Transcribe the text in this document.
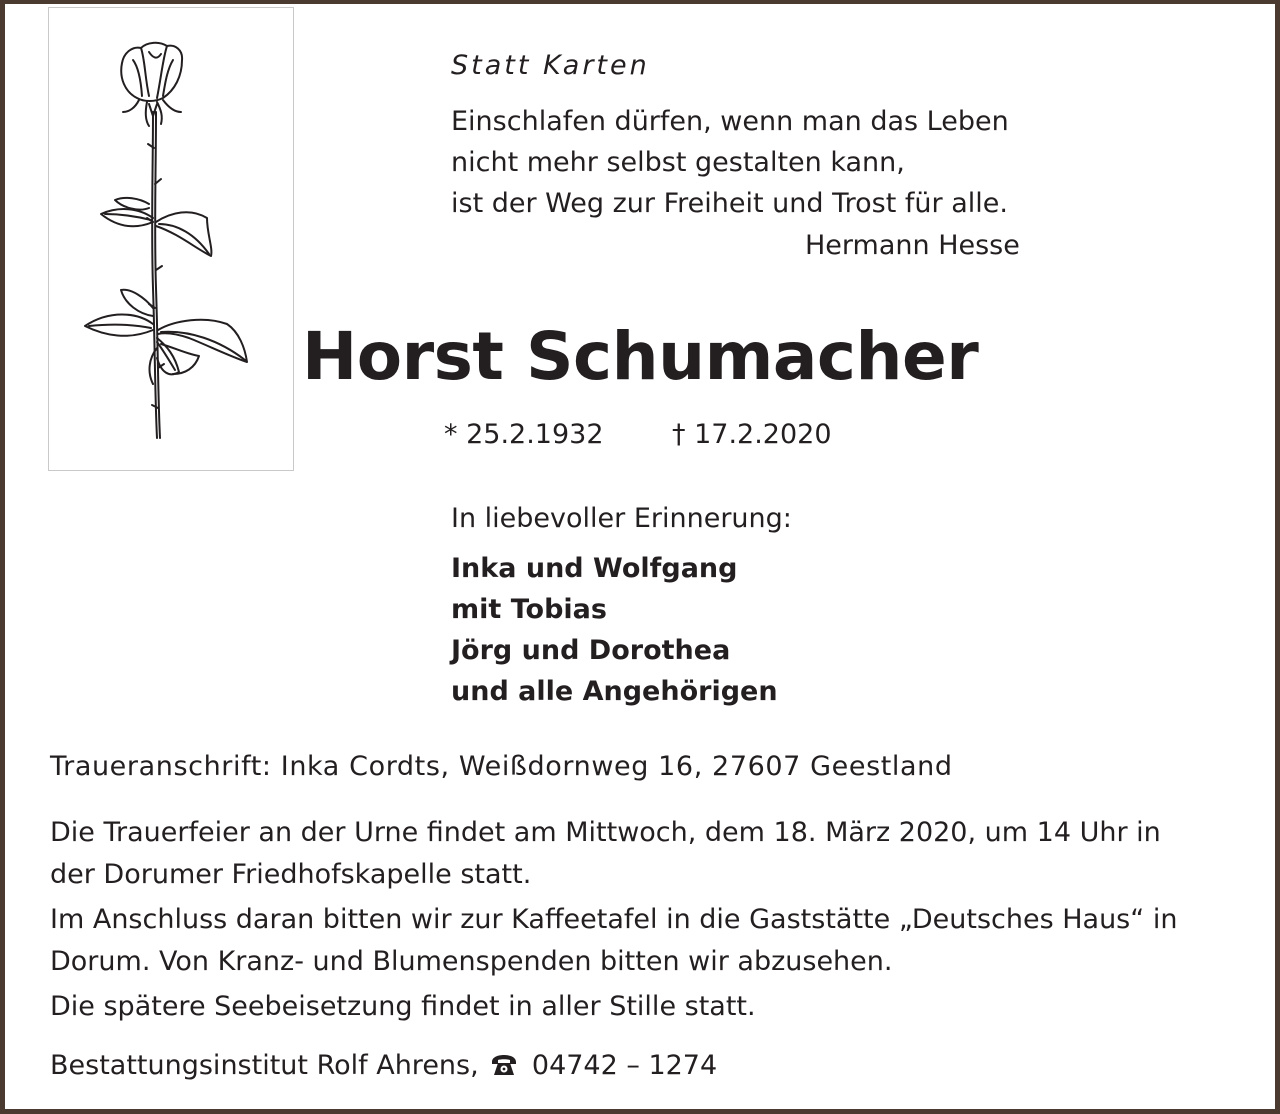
Statt Karten
Einschlafen dürfen, wenn man das Leben
nicht mehr selbst gestalten kann,
ist der Weg zur Freiheit und Trost für alle.
Hermann Hesse
Horst Schumacher
* 25.2.1932	† 17.2.2020
In liebevoller Erinnerung:
Inka und Wolfgang
mit Tobias
Jörg und Dorothea
und alle Angehörigen
Traueranschrift: Inka Cordts, Weißdornweg 16, 27607 Geestland
Die Trauerfeier an der Urne findet am Mittwoch, dem 18. März 2020, um 14 Uhr in
der Dorumer Friedhofskapelle statt.
Im Anschluss daran bitten wir zur Kaffeetafel in die Gaststätte „Deutsches Haus“ in
Dorum. Von Kranz- und Blumenspenden bitten wir abzusehen.
Die spätere Seebeisetzung findet in aller Stille statt.
Bestattungsinstitut Rolf Ahrens, 04742 – 1274
